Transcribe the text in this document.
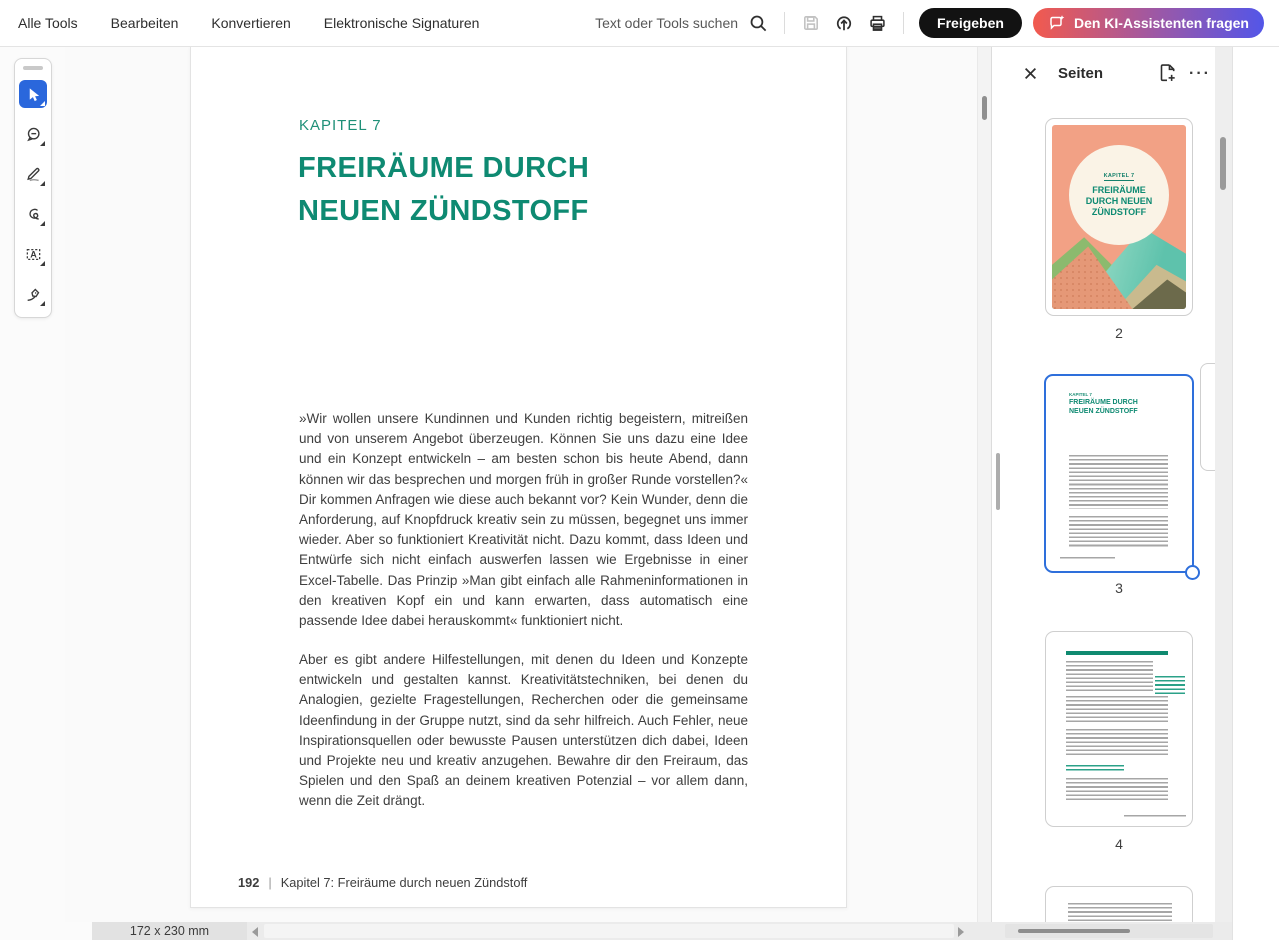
Alle Tools Bearbeiten Konvertieren Elektronische Signaturen	Text oder Tools suchen	Freigeben	Den KI-Assistenten fragen
A
KAPITEL 7
FREIRÄUME DURCH
NEUEN ZÜNDSTOFF
»Wir wollen unsere Kundinnen und Kunden richtig begeistern, mitreißen und von unserem Angebot überzeugen. Können Sie uns dazu eine Idee und ein Konzept entwickeln – am besten schon bis heute Abend, dann können wir das besprechen und morgen früh in großer Runde vorstellen?« Dir kommen Anfragen wie diese auch bekannt vor? Kein Wunder, denn die Anforderung, auf Knopfdruck kreativ sein zu müssen, begegnet uns immer wieder. Aber so funktioniert Kreativität nicht. Dazu kommt, dass Ideen und Entwürfe sich nicht einfach auswerfen lassen wie Ergebnisse in einer Excel-Tabelle. Das Prinzip »Man gibt einfach alle Rahmeninformationen in den kreativen Kopf ein und kann erwarten, dass automatisch eine passende Idee dabei herauskommt« funktioniert nicht.
Aber es gibt andere Hilfestellungen, mit denen du Ideen und Konzepte entwickeln und gestalten kannst. Kreativitätstechniken, bei denen du Analogien, gezielte Fragestellungen, Recherchen oder die gemeinsame Ideenfindung in der Gruppe nutzt, sind da sehr hilfreich. Auch Fehler, neue Inspirationsquellen oder bewusste Pausen unterstützen dich dabei, Ideen und Projekte neu und kreativ anzugehen. Bewahre dir den Freiraum, das Spielen und den Spaß an deinem kreativen Potenzial – vor allem dann, wenn die Zeit drängt.
192 | Kapitel 7: Freiräume durch neuen Zündstoff
Seiten	···
KAPITEL 7
FREIRÄUME DURCH NEUEN ZÜNDSTOFF
2
KAPITEL 7
FREIRÄUME DURCH
NEUEN ZÜNDSTOFF
3
4
172 x 230 mm
